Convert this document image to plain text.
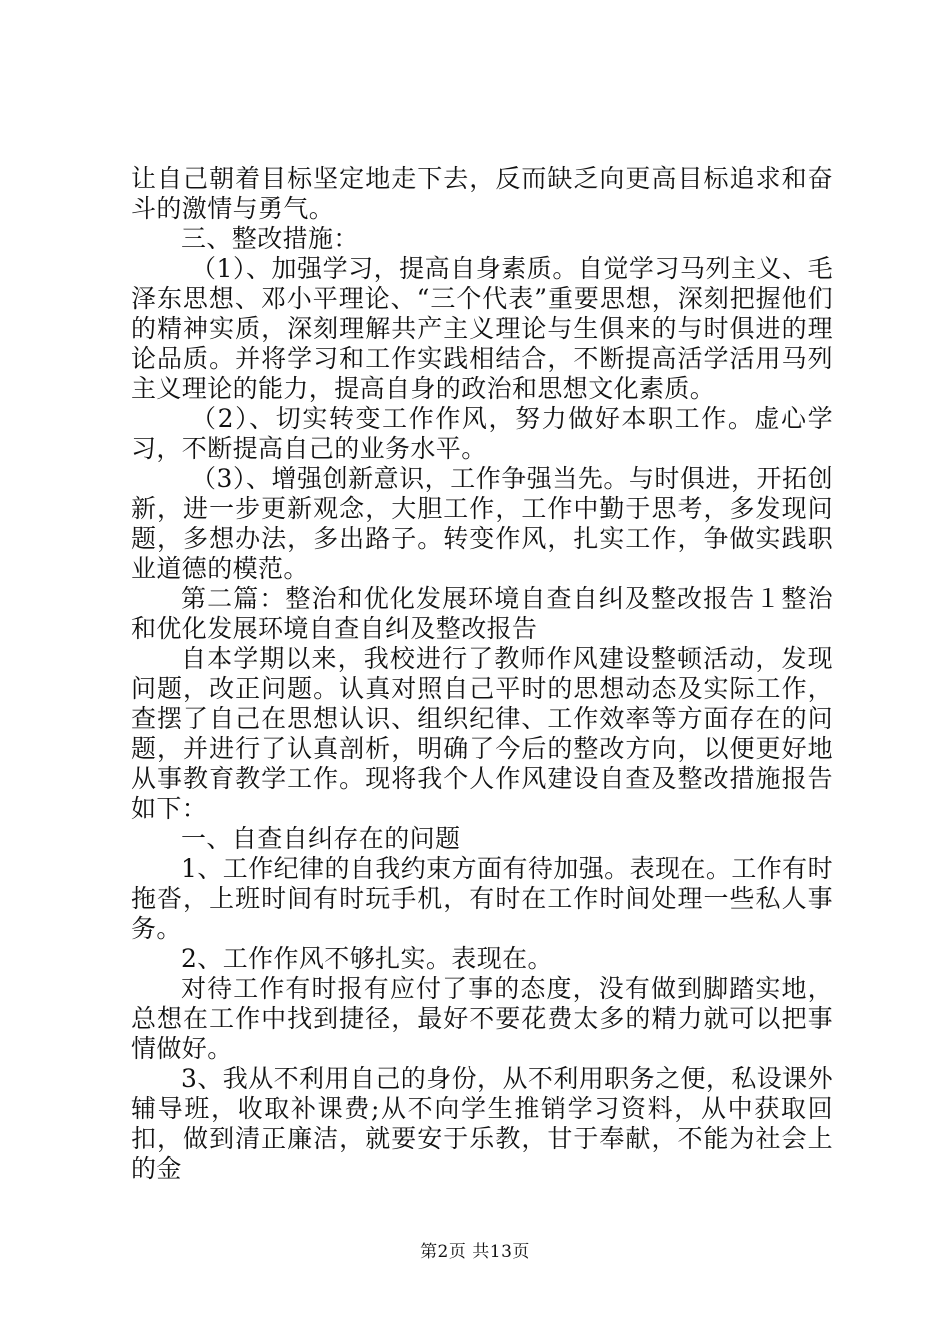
让自己朝着目标坚定地走下去，反而缺乏向更高目标追求和奋斗的激情与勇气。

三、整改措施：

（1）、加强学习，提高自身素质。自觉学习马列主义、毛泽东思想、邓小平理论、“三个代表”重要思想，深刻把握他们的精神实质，深刻理解共产主义理论与生俱来的与时俱进的理论品质。并将学习和工作实践相结合，不断提高活学活用马列主义理论的能力，提高自身的政治和思想文化素质。

（2）、切实转变工作作风，努力做好本职工作。虚心学习，不断提高自己的业务水平。

（3）、增强创新意识，工作争强当先。与时俱进，开拓创新，进一步更新观念，大胆工作，工作中勤于思考，多发现问题，多想办法，多出路子。转变作风，扎实工作，争做实践职业道德的模范。

第二篇：整治和优化发展环境自查自纠及整改报告１整治和优化发展环境自查自纠及整改报告

自本学期以来，我校进行了教师作风建设整顿活动，发现问题，改正问题。认真对照自己平时的思想动态及实际工作，查摆了自己在思想认识、组织纪律、工作效率等方面存在的问题，并进行了认真剖析，明确了今后的整改方向，以便更好地从事教育教学工作。现将我个人作风建设自查及整改措施报告如下：

一、自查自纠存在的问题

1、工作纪律的自我约束方面有待加强。表现在。工作有时拖沓，上班时间有时玩手机，有时在工作时间处理一些私人事务。

2、工作作风不够扎实。表现在。

对待工作有时报有应付了事的态度，没有做到脚踏实地，总想在工作中找到捷径，最好不要花费太多的精力就可以把事情做好。

3、我从不利用自己的身份，从不利用职务之便，私设课外辅导班，收取补课费;从不向学生推销学习资料，从中获取回扣，做到清正廉洁，就要安于乐教，甘于奉献，不能为社会上的金

第2页 共13页
